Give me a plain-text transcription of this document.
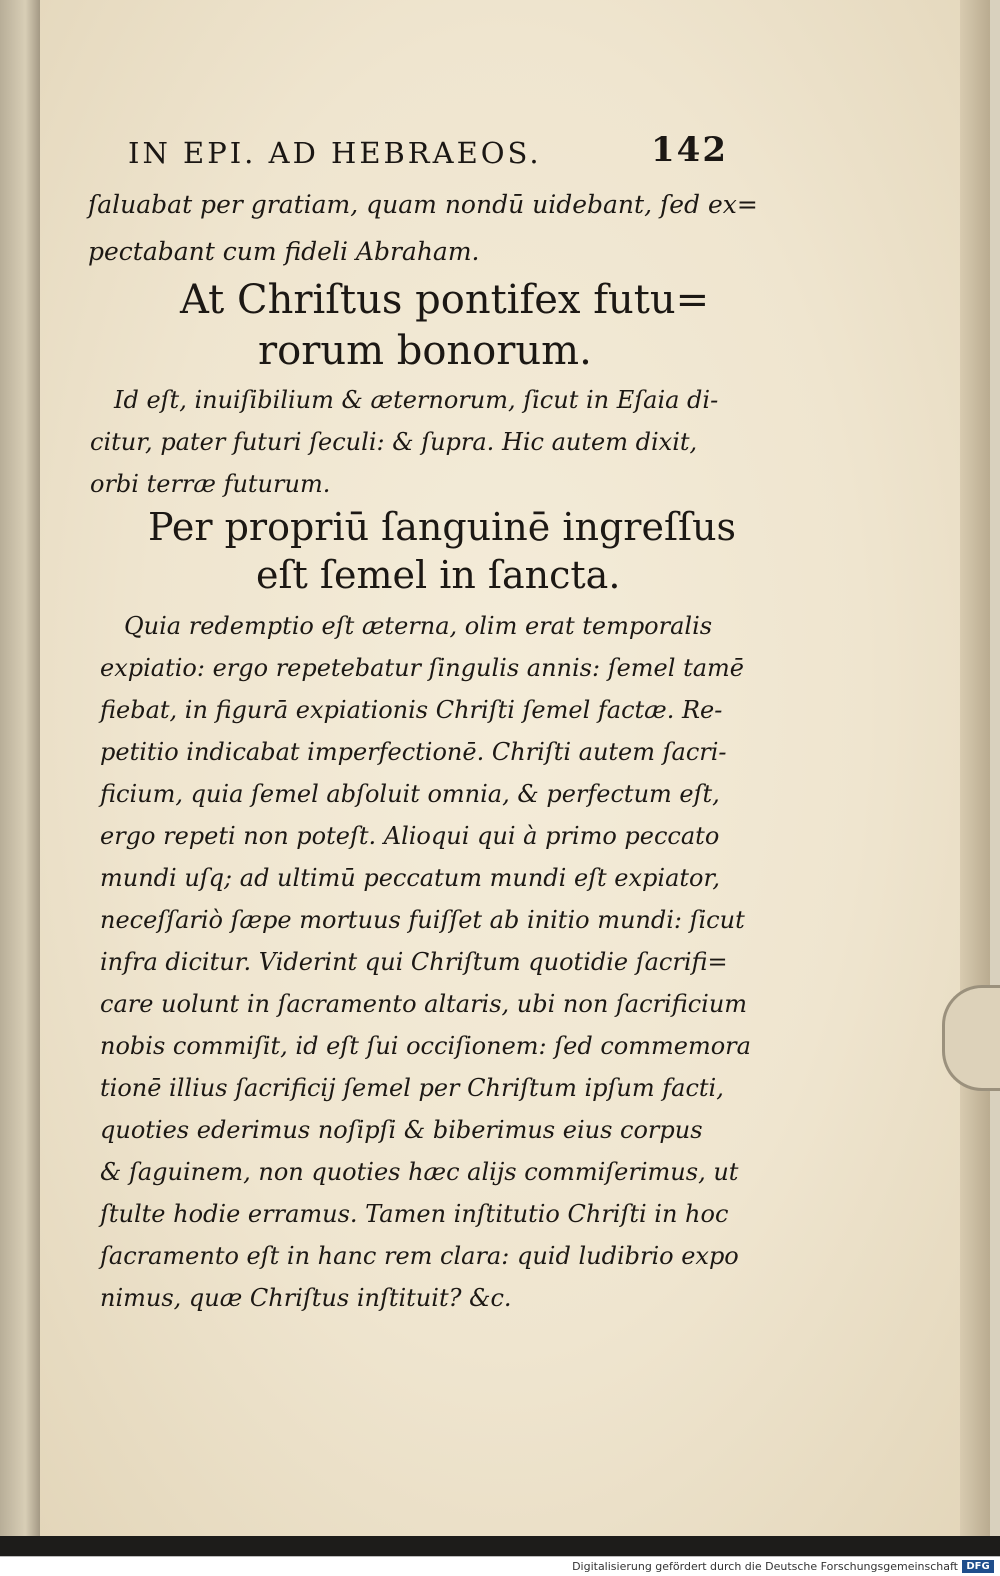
IN EPI. AD HEBRAEOS.	142
ſaluabat per gratiam, quam nondū uidebant, ſed ex=
pectabant cum fideli Abraham.
At Chriſtus pontifex futu=
rorum bonorum.
Id eſt, inuiſibilium & æternorum, ſicut in Eſaia di-
citur, pater futuri ſeculi: & ſupra. Hic autem dixit,
orbi terræ futurum.
Per propriū ſanguinē ingreſſus
eſt ſemel in ſancta.
Quia redemptio eſt æterna, olim erat temporalis
expiatio: ergo repetebatur ſingulis annis: ſemel tamē
fiebat, in figurā expiationis Chriſti ſemel factæ. Re-
petitio indicabat imperfectionē. Chriſti autem ſacri-
ficium, quia ſemel abſoluit omnia, & perfectum eſt,
ergo repeti non poteſt. Alioqui qui à primo peccato
mundi uſq; ad ultimū peccatum mundi eſt expiator,
neceſſariò ſæpe mortuus fuiſſet ab initio mundi: ſicut
infra dicitur. Viderint qui Chriſtum quotidie ſacrifi=
care uolunt in ſacramento altaris, ubi non ſacrificium
nobis commiſit, id eſt ſui occiſionem: ſed commemora
tionē illius ſacrificij ſemel per Chriſtum ipſum facti,
quoties ederimus noſipſi & biberimus eius corpus
& ſaguinem, non quoties hæc alijs commiſerimus, ut
ſtulte hodie erramus. Tamen inſtitutio Chriſti in hoc
ſacramento eſt in hanc rem clara: quid ludibrio expo
nimus, quæ Chriſtus inſtituit? &c.
Digitalisierung gefördert durch die Deutsche Forschungsgemeinschaft DFG
